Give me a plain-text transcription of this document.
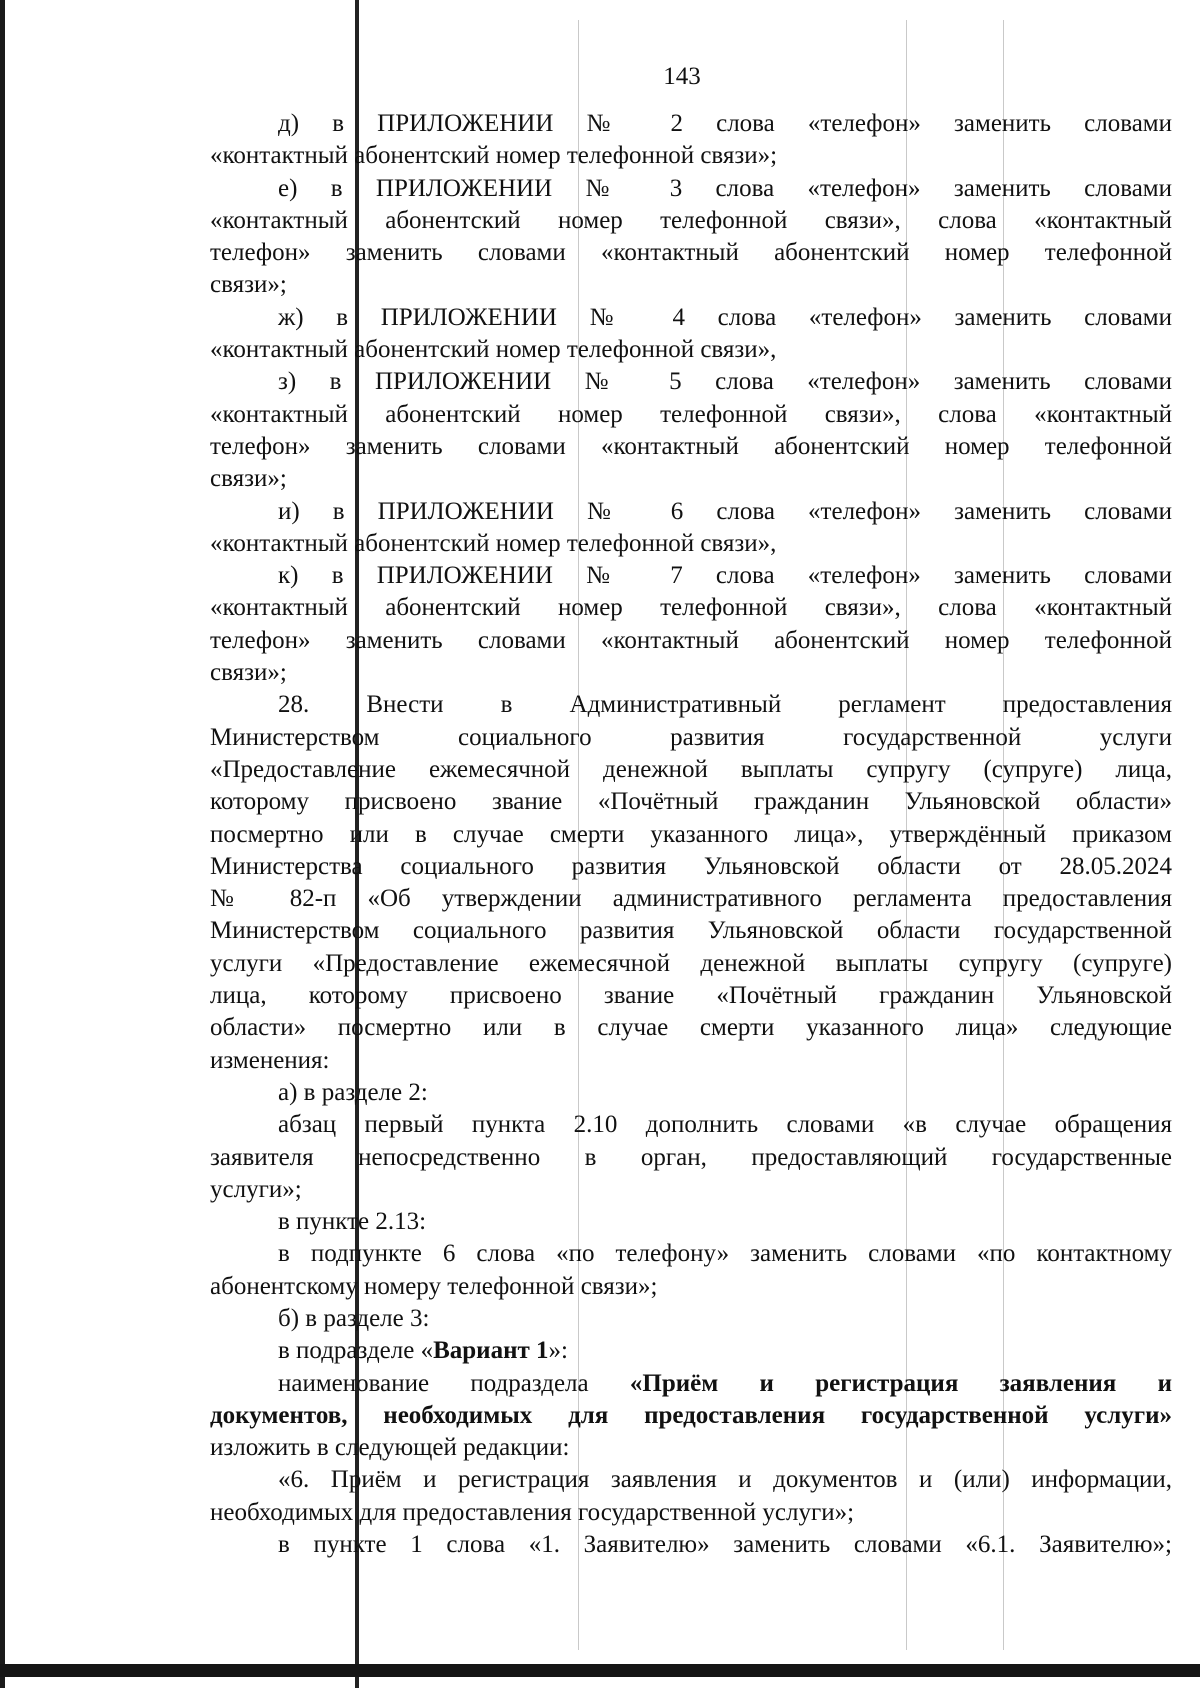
143

д) в ПРИЛОЖЕНИИ № 2 слова «телефон» заменить словами

«контактный абонентский номер телефонной связи»;

е) в ПРИЛОЖЕНИИ № 3 слова «телефон» заменить словами

«контактный абонентский номер телефонной связи», слова «контактный

телефон» заменить словами «контактный абонентский номер телефонной

связи»;

ж) в ПРИЛОЖЕНИИ № 4 слова «телефон» заменить словами

«контактный абонентский номер телефонной связи»,

з) в ПРИЛОЖЕНИИ № 5 слова «телефон» заменить словами

«контактный абонентский номер телефонной связи», слова «контактный

телефон» заменить словами «контактный абонентский номер телефонной

связи»;

и) в ПРИЛОЖЕНИИ № 6 слова «телефон» заменить словами

«контактный абонентский номер телефонной связи»,

к) в ПРИЛОЖЕНИИ № 7 слова «телефон» заменить словами

«контактный абонентский номер телефонной связи», слова «контактный

телефон» заменить словами «контактный абонентский номер телефонной

связи»;

28. Внести в Административный регламент предоставления

Министерством социального развития государственной услуги

«Предоставление ежемесячной денежной выплаты супругу (супруге) лица,

которому присвоено звание «Почётный гражданин Ульяновской области»

посмертно или в случае смерти указанного лица», утверждённый приказом

Министерства социального развития Ульяновской области от 28.05.2024

№ 82-п «Об утверждении административного регламента предоставления

Министерством социального развития Ульяновской области государственной

услуги «Предоставление ежемесячной денежной выплаты супругу (супруге)

лица, которому присвоено звание «Почётный гражданин Ульяновской

области» посмертно или в случае смерти указанного лица» следующие

изменения:

а) в разделе 2:

абзац первый пункта 2.10 дополнить словами «в случае обращения

заявителя непосредственно в орган, предоставляющий государственные

услуги»;

в пункте 2.13:

в подпункте 6 слова «по телефону» заменить словами «по контактному

абонентскому номеру телефонной связи»;

б) в разделе 3:

в подразделе «Вариант 1»:

наименование подраздела «Приём и регистрация заявления и

документов, необходимых для предоставления государственной услуги»

изложить в следующей редакции:

«6. Приём и регистрация заявления и документов и (или) информации,

необходимых для предоставления государственной услуги»;

в пункте 1 слова «1. Заявителю» заменить словами «6.1. Заявителю»;
